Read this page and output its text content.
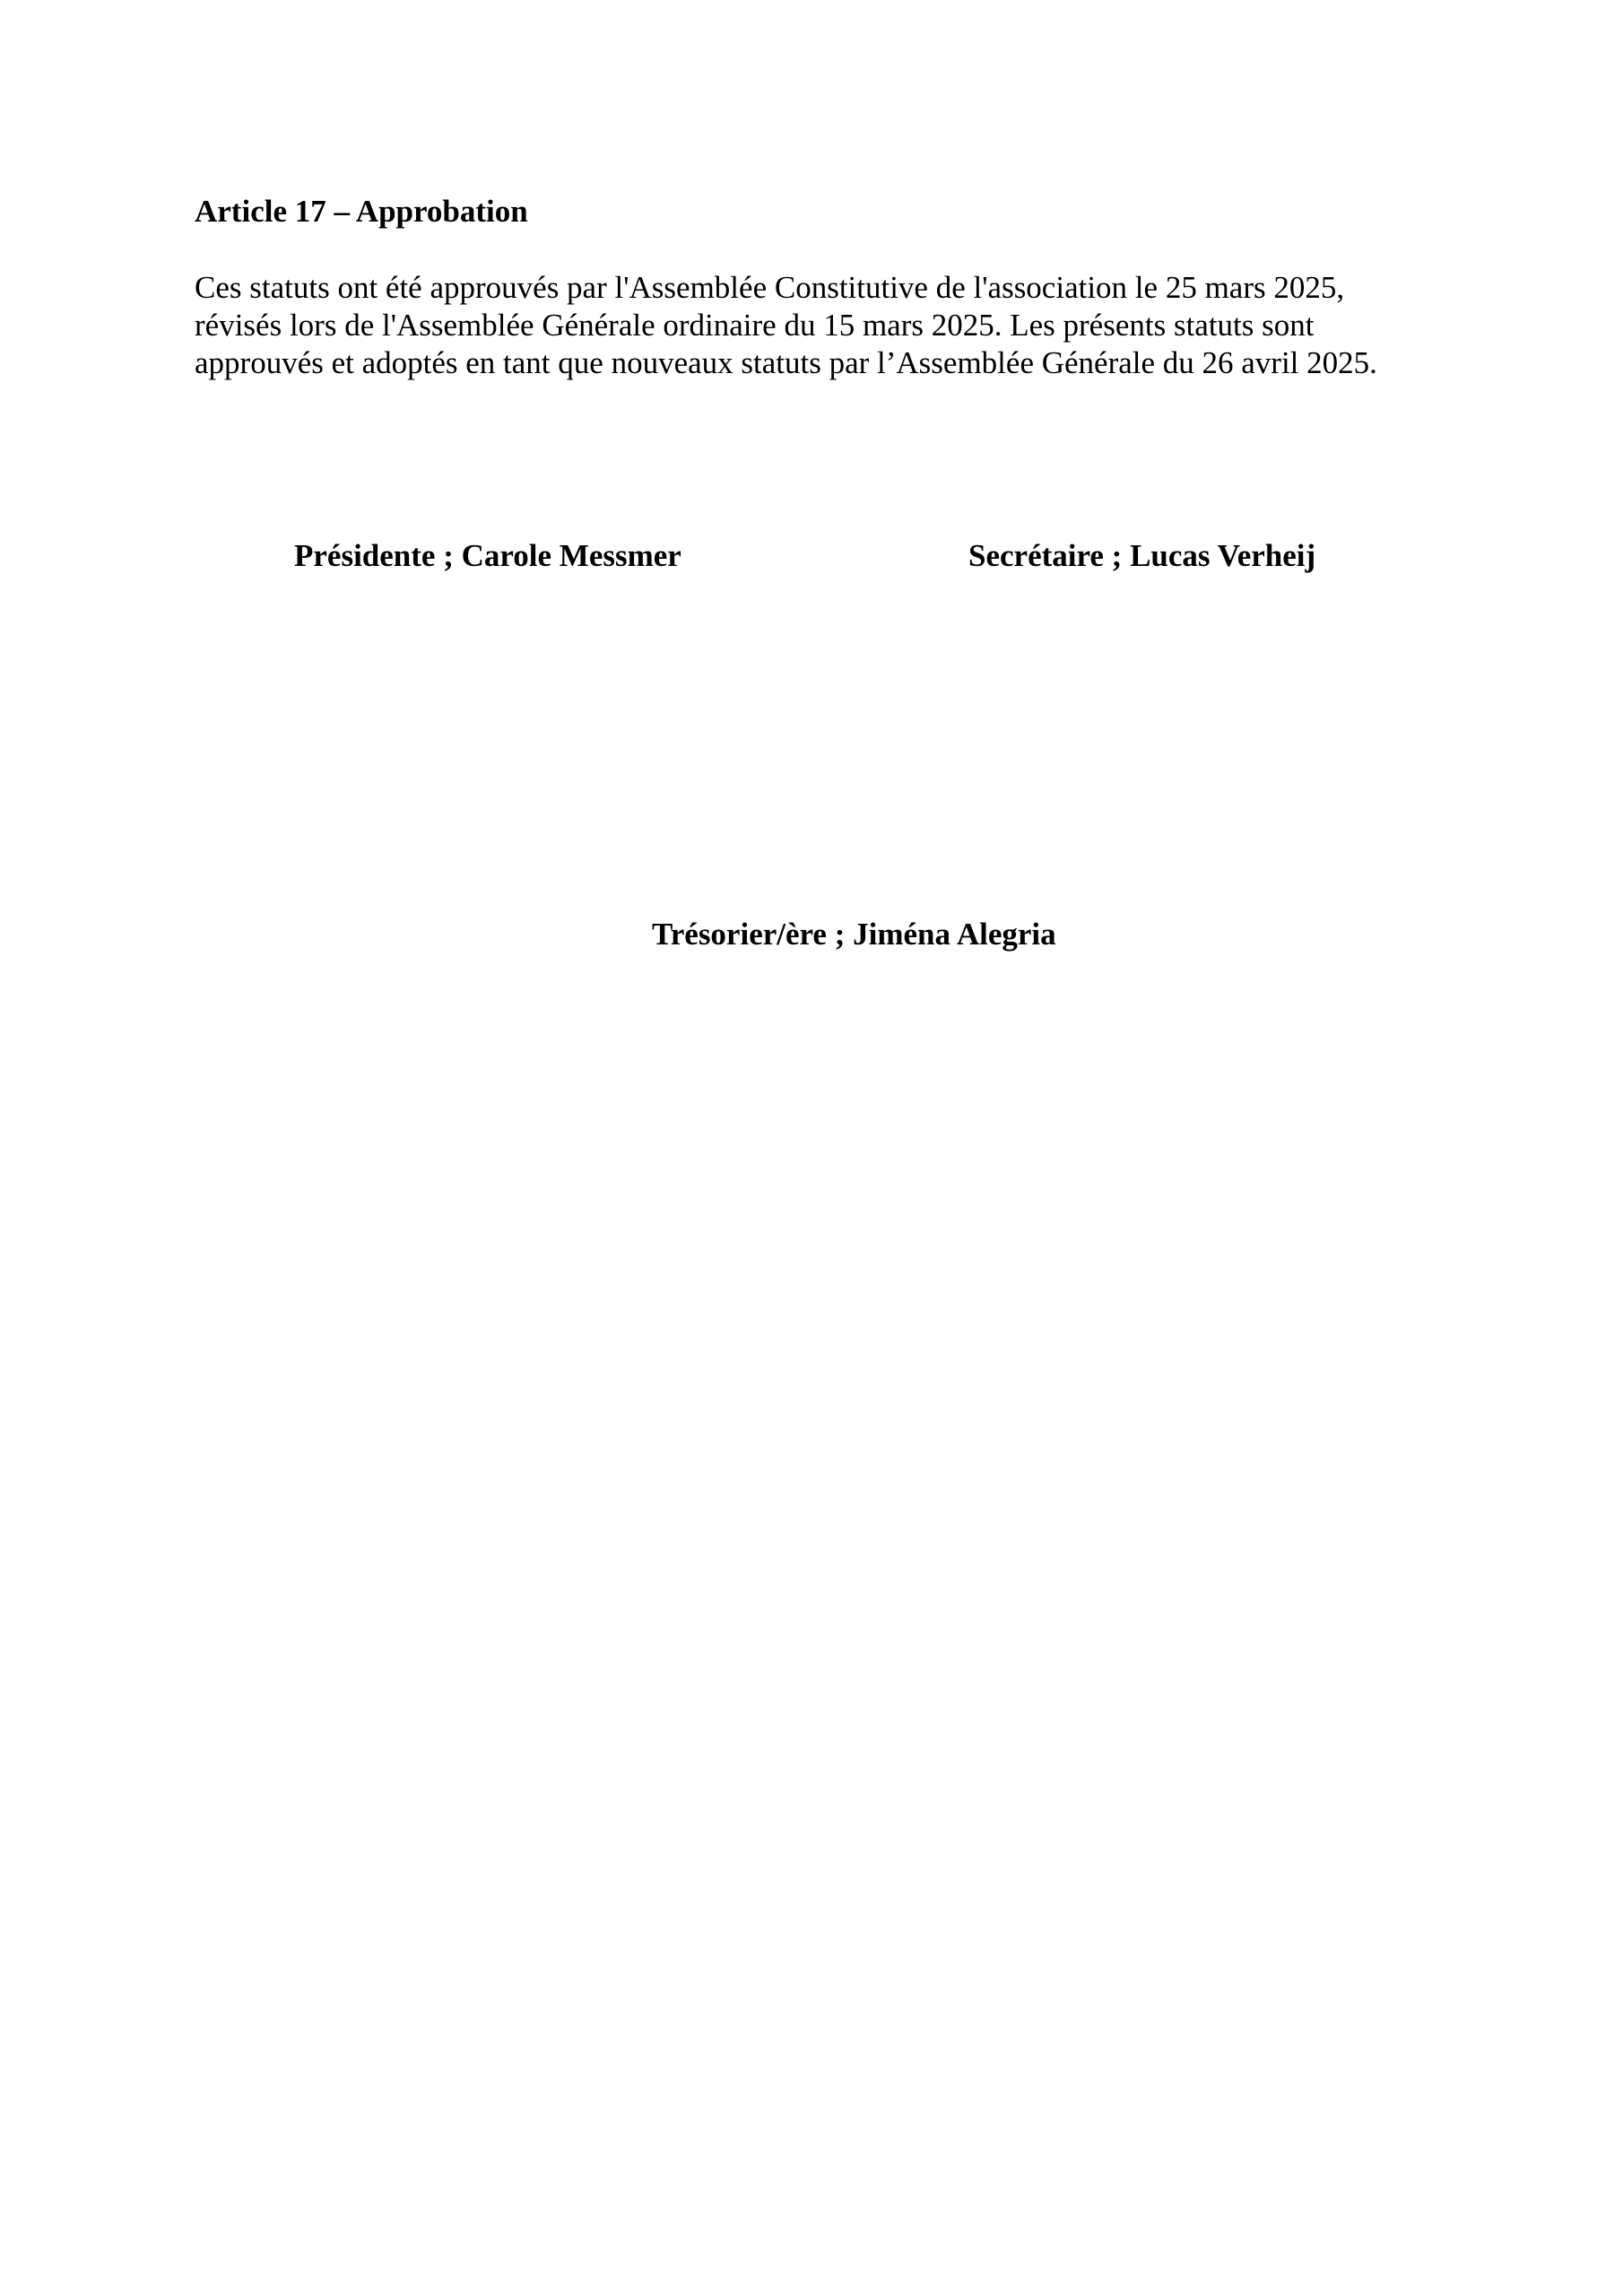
Article 17 – Approbation

Ces statuts ont été approuvés par l'Assemblée Constitutive de l'association le 25 mars 2025,
révisés lors de l'Assemblée Générale ordinaire du 15 mars 2025. Les présents statuts sont
approuvés et adoptés en tant que nouveaux statuts par l’Assemblée Générale du 26 avril 2025.

Présidente ; Carole Messmer	Secrétaire ; Lucas Verheij

Trésorier/ère ; Jiména Alegria
